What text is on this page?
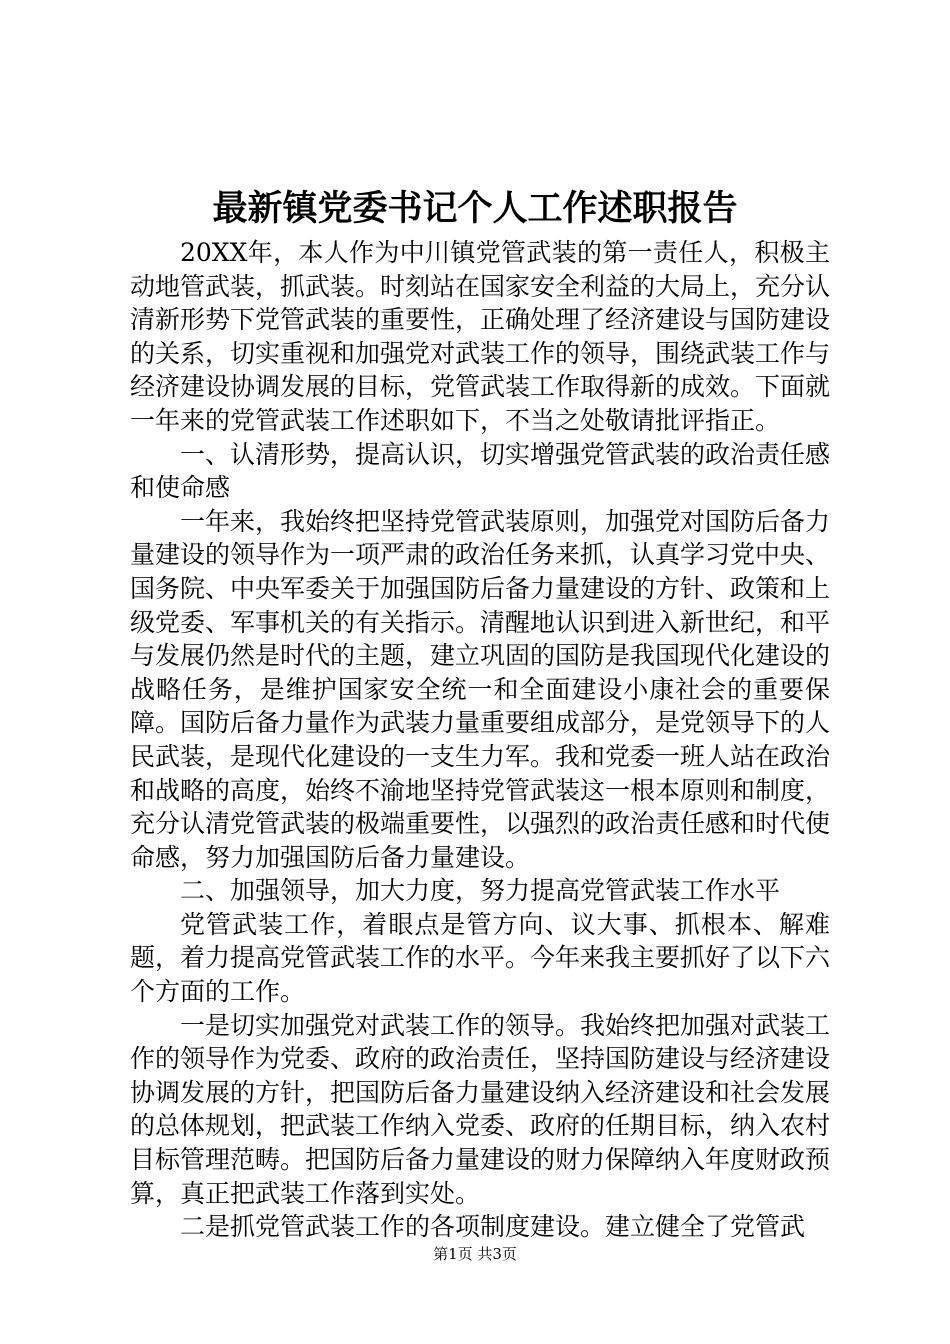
最新镇党委书记个人工作述职报告

20XX年，本人作为中川镇党管武装的第一责任人，积极主动地管武装，抓武装。时刻站在国家安全利益的大局上，充分认清新形势下党管武装的重要性，正确处理了经济建设与国防建设的关系，切实重视和加强党对武装工作的领导，围绕武装工作与经济建设协调发展的目标，党管武装工作取得新的成效。下面就一年来的党管武装工作述职如下，不当之处敬请批评指正。

一、认清形势，提高认识，切实增强党管武装的政治责任感和使命感

一年来，我始终把坚持党管武装原则，加强党对国防后备力量建设的领导作为一项严肃的政治任务来抓，认真学习党中央、国务院、中央军委关于加强国防后备力量建设的方针、政策和上级党委、军事机关的有关指示。清醒地认识到进入新世纪，和平与发展仍然是时代的主题，建立巩固的国防是我国现代化建设的战略任务，是维护国家安全统一和全面建设小康社会的重要保障。国防后备力量作为武装力量重要组成部分，是党领导下的人民武装，是现代化建设的一支生力军。我和党委一班人站在政治和战略的高度，始终不渝地坚持党管武装这一根本原则和制度，充分认清党管武装的极端重要性，以强烈的政治责任感和时代使命感，努力加强国防后备力量建设。

二、加强领导，加大力度，努力提高党管武装工作水平

党管武装工作，着眼点是管方向、议大事、抓根本、解难题，着力提高党管武装工作的水平。今年来我主要抓好了以下六个方面的工作。

一是切实加强党对武装工作的领导。我始终把加强对武装工作的领导作为党委、政府的政治责任，坚持国防建设与经济建设协调发展的方针，把国防后备力量建设纳入经济建设和社会发展的总体规划，把武装工作纳入党委、政府的任期目标，纳入农村目标管理范畴。把国防后备力量建设的财力保障纳入年度财政预算，真正把武装工作落到实处。

二是抓党管武装工作的各项制度建设。建立健全了党管武

第1页 共3页
